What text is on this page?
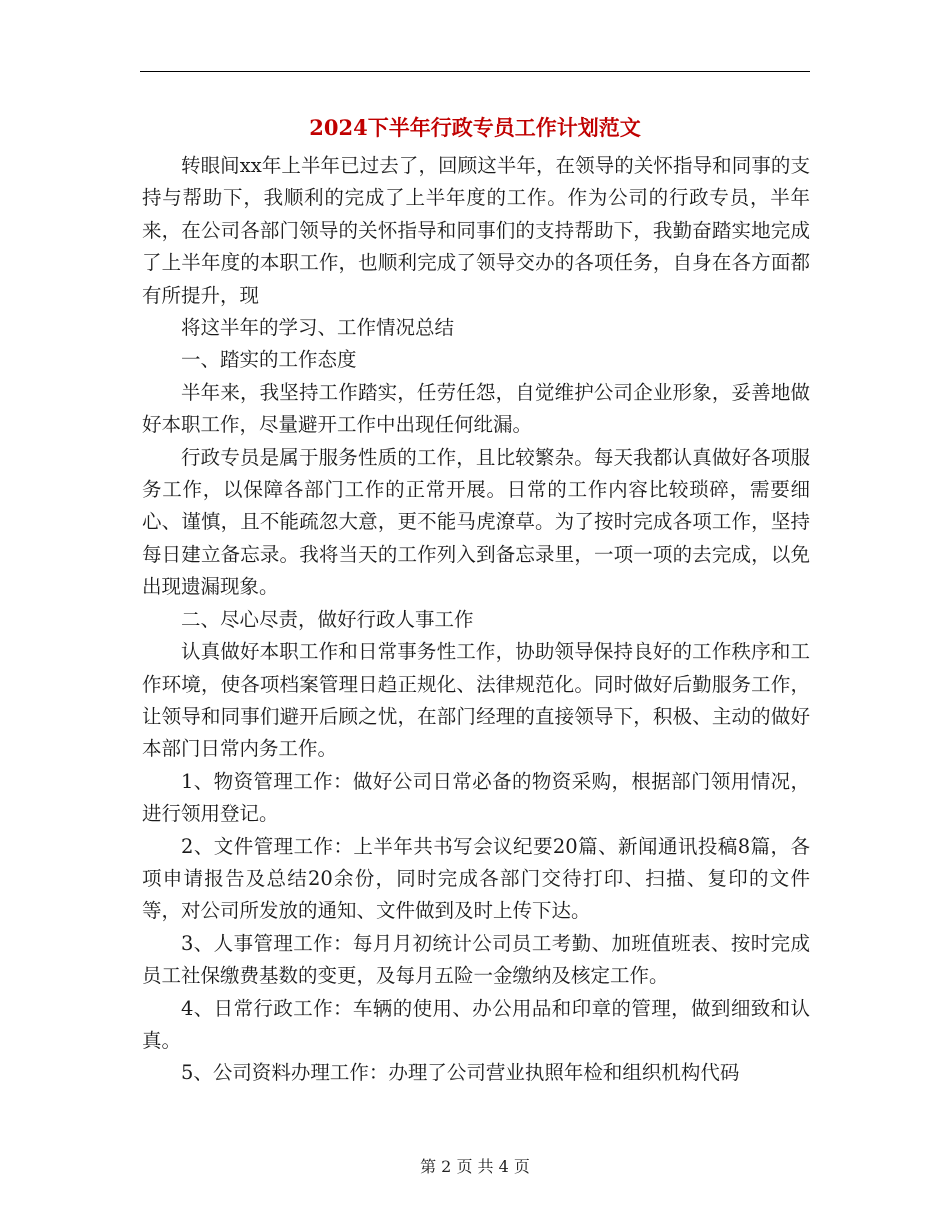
2024下半年行政专员工作计划范文

转眼间xx年上半年已过去了，回顾这半年，在领导的关怀指导和同事的支持与帮助下，我顺利的完成了上半年度的工作。作为公司的行政专员，半年来，在公司各部门领导的关怀指导和同事们的支持帮助下，我勤奋踏实地完成了上半年度的本职工作，也顺利完成了领导交办的各项任务，自身在各方面都有所提升，现

将这半年的学习、工作情况总结

一、踏实的工作态度

半年来，我坚持工作踏实，任劳任怨，自觉维护公司企业形象，妥善地做好本职工作，尽量避开工作中出现任何纰漏。

行政专员是属于服务性质的工作，且比较繁杂。每天我都认真做好各项服务工作，以保障各部门工作的正常开展。日常的工作内容比较琐碎，需要细心、谨慎，且不能疏忽大意，更不能马虎潦草。为了按时完成各项工作，坚持每日建立备忘录。我将当天的工作列入到备忘录里，一项一项的去完成，以免出现遗漏现象。

二、尽心尽责，做好行政人事工作

认真做好本职工作和日常事务性工作，协助领导保持良好的工作秩序和工作环境，使各项档案管理日趋正规化、法律规范化。同时做好后勤服务工作，让领导和同事们避开后顾之忧，在部门经理的直接领导下，积极、主动的做好本部门日常内务工作。

1、物资管理工作：做好公司日常必备的物资采购，根据部门领用情况，进行领用登记。

2、文件管理工作：上半年共书写会议纪要20篇、新闻通讯投稿8篇，各项申请报告及总结20余份，同时完成各部门交待打印、扫描、复印的文件等，对公司所发放的通知、文件做到及时上传下达。

3、人事管理工作：每月月初统计公司员工考勤、加班值班表、按时完成员工社保缴费基数的变更，及每月五险一金缴纳及核定工作。

4、日常行政工作：车辆的使用、办公用品和印章的管理，做到细致和认真。

5、公司资料办理工作：办理了公司营业执照年检和组织机构代码

第 2 页 共 4 页
